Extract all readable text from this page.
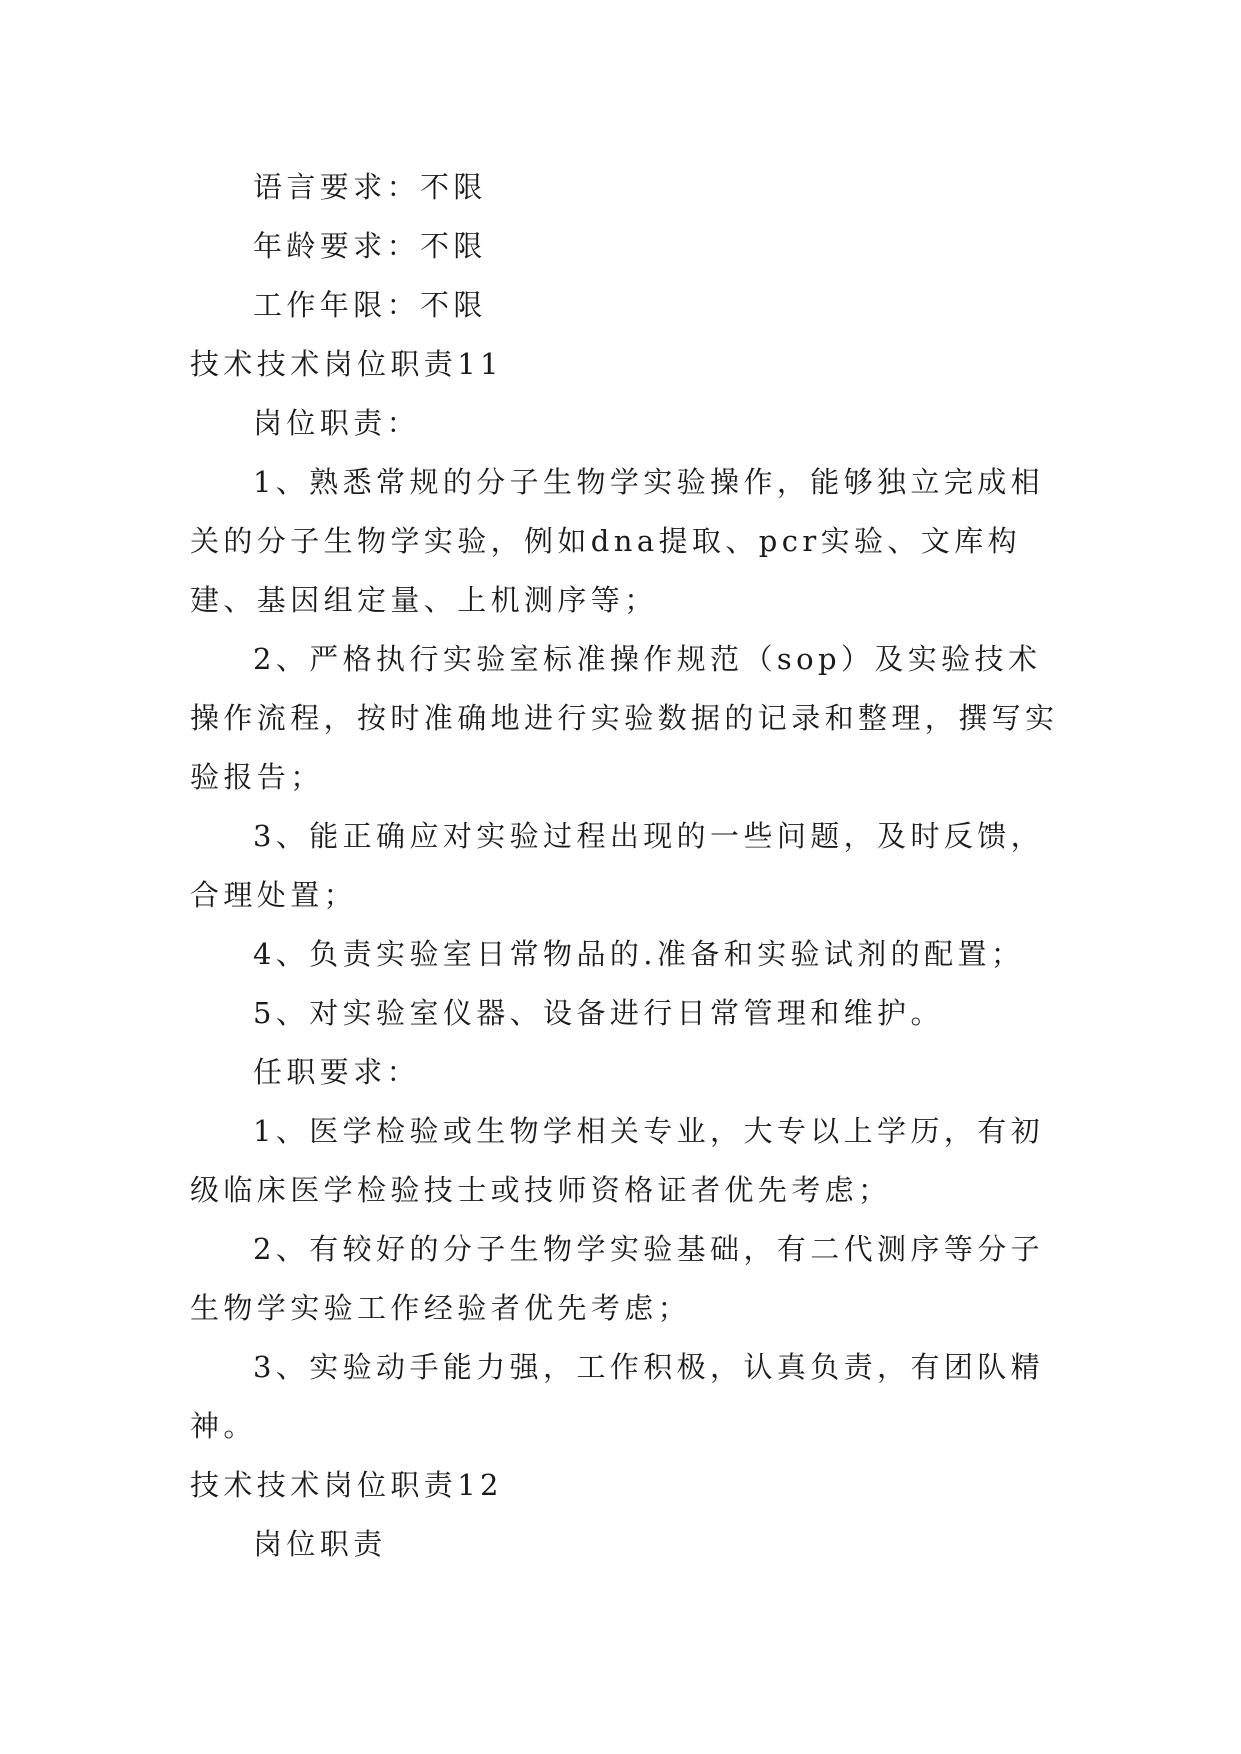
语言要求：不限

年龄要求：不限

工作年限：不限

技术技术岗位职责11

岗位职责：

1、熟悉常规的分子生物学实验操作，能够独立完成相关的分子生物学实验，例如dna提取、pcr实验、文库构建、基因组定量、上机测序等；

2、严格执行实验室标准操作规范（sop）及实验技术操作流程，按时准确地进行实验数据的记录和整理，撰写实验报告；

3、能正确应对实验过程出现的一些问题，及时反馈，合理处置；

4、负责实验室日常物品的.准备和实验试剂的配置；

5、对实验室仪器、设备进行日常管理和维护。

任职要求：

1、医学检验或生物学相关专业，大专以上学历，有初级临床医学检验技士或技师资格证者优先考虑；

2、有较好的分子生物学实验基础，有二代测序等分子生物学实验工作经验者优先考虑；

3、实验动手能力强，工作积极，认真负责，有团队精神。

技术技术岗位职责12

岗位职责
